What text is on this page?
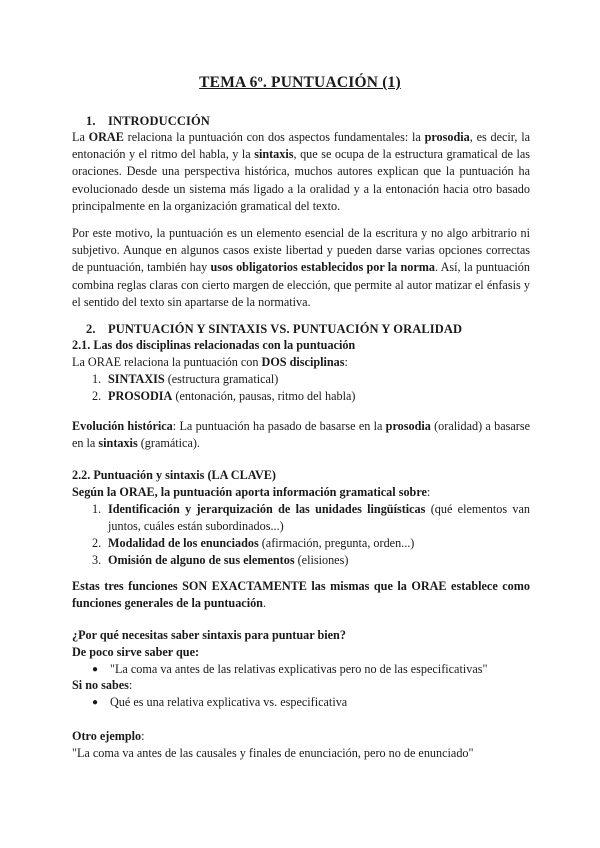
TEMA 6º. PUNTUACIÓN (1)
1. INTRODUCCIÓN
La ORAE relaciona la puntuación con dos aspectos fundamentales: la prosodia, es decir, la entonación y el ritmo del habla, y la sintaxis, que se ocupa de la estructura gramatical de las oraciones. Desde una perspectiva histórica, muchos autores explican que la puntuación ha evolucionado desde un sistema más ligado a la oralidad y a la entonación hacia otro basado principalmente en la organización gramatical del texto.
Por este motivo, la puntuación es un elemento esencial de la escritura y no algo arbitrario ni subjetivo. Aunque en algunos casos existe libertad y pueden darse varias opciones correctas de puntuación, también hay usos obligatorios establecidos por la norma. Así, la puntuación combina reglas claras con cierto margen de elección, que permite al autor matizar el énfasis y el sentido del texto sin apartarse de la normativa.
2. PUNTUACIÓN Y SINTAXIS VS. PUNTUACIÓN Y ORALIDAD
2.1. Las dos disciplinas relacionadas con la puntuación
La ORAE relaciona la puntuación con DOS disciplinas:
1. SINTAXIS (estructura gramatical)
2. PROSODIA (entonación, pausas, ritmo del habla)
Evolución histórica: La puntuación ha pasado de basarse en la prosodia (oralidad) a basarse en la sintaxis (gramática).
2.2. Puntuación y sintaxis (LA CLAVE)
Según la ORAE, la puntuación aporta información gramatical sobre:
1. Identificación y jerarquización de las unidades lingüísticas (qué elementos van juntos, cuáles están subordinados...)
2. Modalidad de los enunciados (afirmación, pregunta, orden...)
3. Omisión de alguno de sus elementos (elisiones)
Estas tres funciones SON EXACTAMENTE las mismas que la ORAE establece como funciones generales de la puntuación.
¿Por qué necesitas saber sintaxis para puntuar bien?
De poco sirve saber que:
● "La coma va antes de las relativas explicativas pero no de las especificativas"
Si no sabes:
● Qué es una relativa explicativa vs. especificativa
Otro ejemplo:
"La coma va antes de las causales y finales de enunciación, pero no de enunciado"
